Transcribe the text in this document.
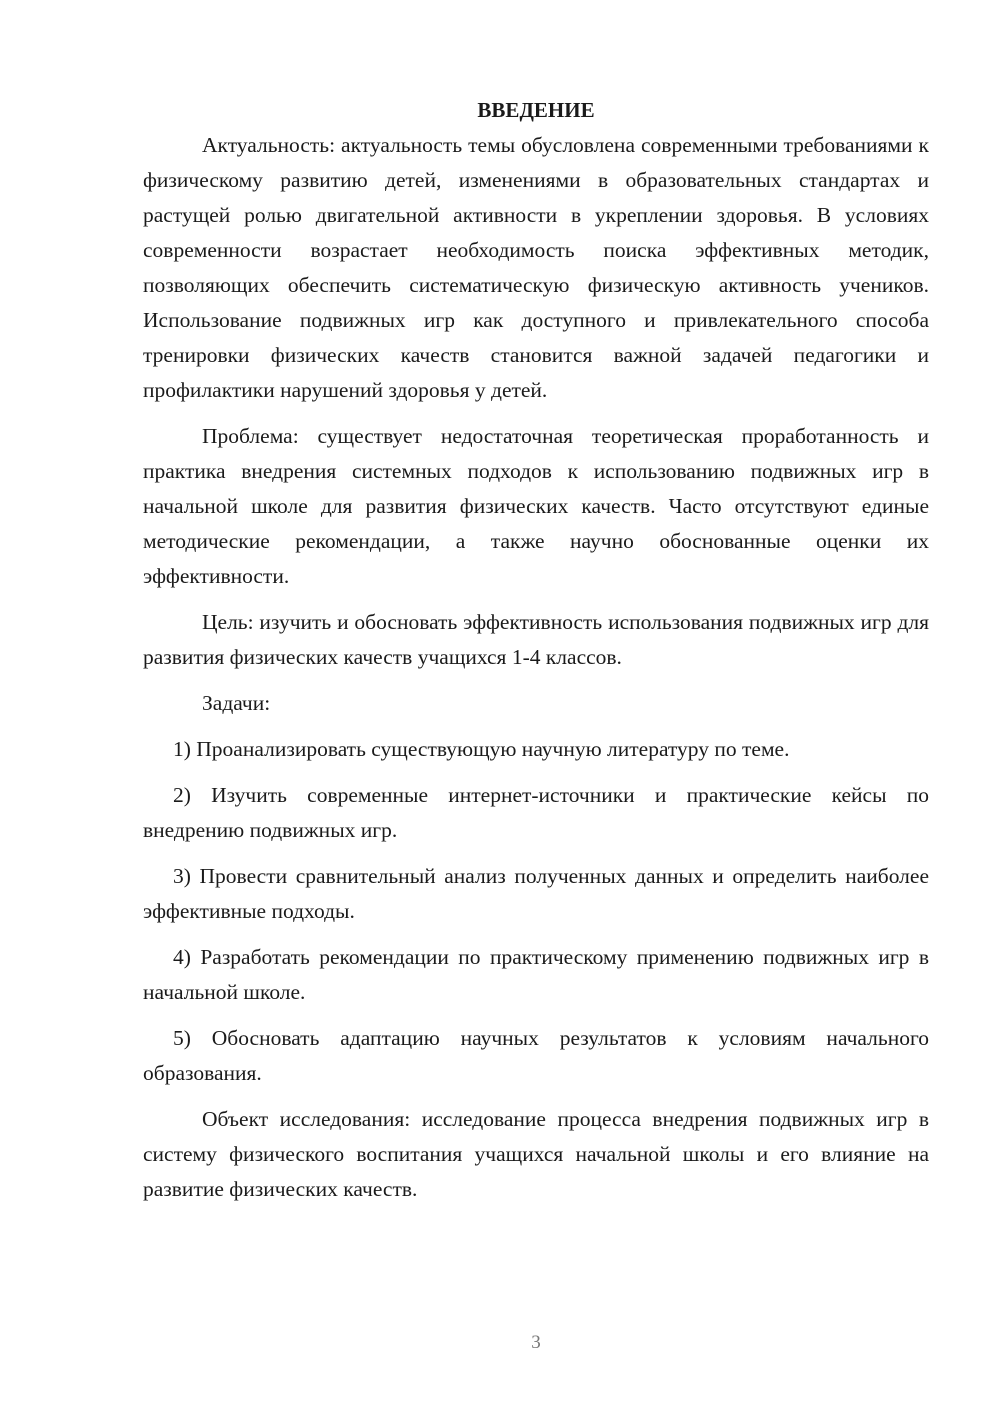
ВВЕДЕНИЕ

Актуальность: актуальность темы обусловлена современными требованиями к физическому развитию детей, изменениями в образовательных стандартах и растущей ролью двигательной активности в укреплении здоровья. В условиях современности возрастает необходимость поиска эффективных методик, позволяющих обеспечить систематическую физическую активность учеников. Использование подвижных игр как доступного и привлекательного способа тренировки физических качеств становится важной задачей педагогики и профилактики нарушений здоровья у детей.

Проблема: существует недостаточная теоретическая проработанность и практика внедрения системных подходов к использованию подвижных игр в начальной школе для развития физических качеств. Часто отсутствуют единые методические рекомендации, а также научно обоснованные оценки их эффективности.

Цель: изучить и обосновать эффективность использования подвижных игр для развития физических качеств учащихся 1-4 классов.

Задачи:

1) Проанализировать существующую научную литературу по теме.

2) Изучить современные интернет-источники и практические кейсы по внедрению подвижных игр.

3) Провести сравнительный анализ полученных данных и определить наиболее эффективные подходы.

4) Разработать рекомендации по практическому применению подвижных игр в начальной школе.

5) Обосновать адаптацию научных результатов к условиям начального образования.

Объект исследования: исследование процесса внедрения подвижных игр в систему физического воспитания учащихся начальной школы и его влияние на развитие физических качеств.

3
